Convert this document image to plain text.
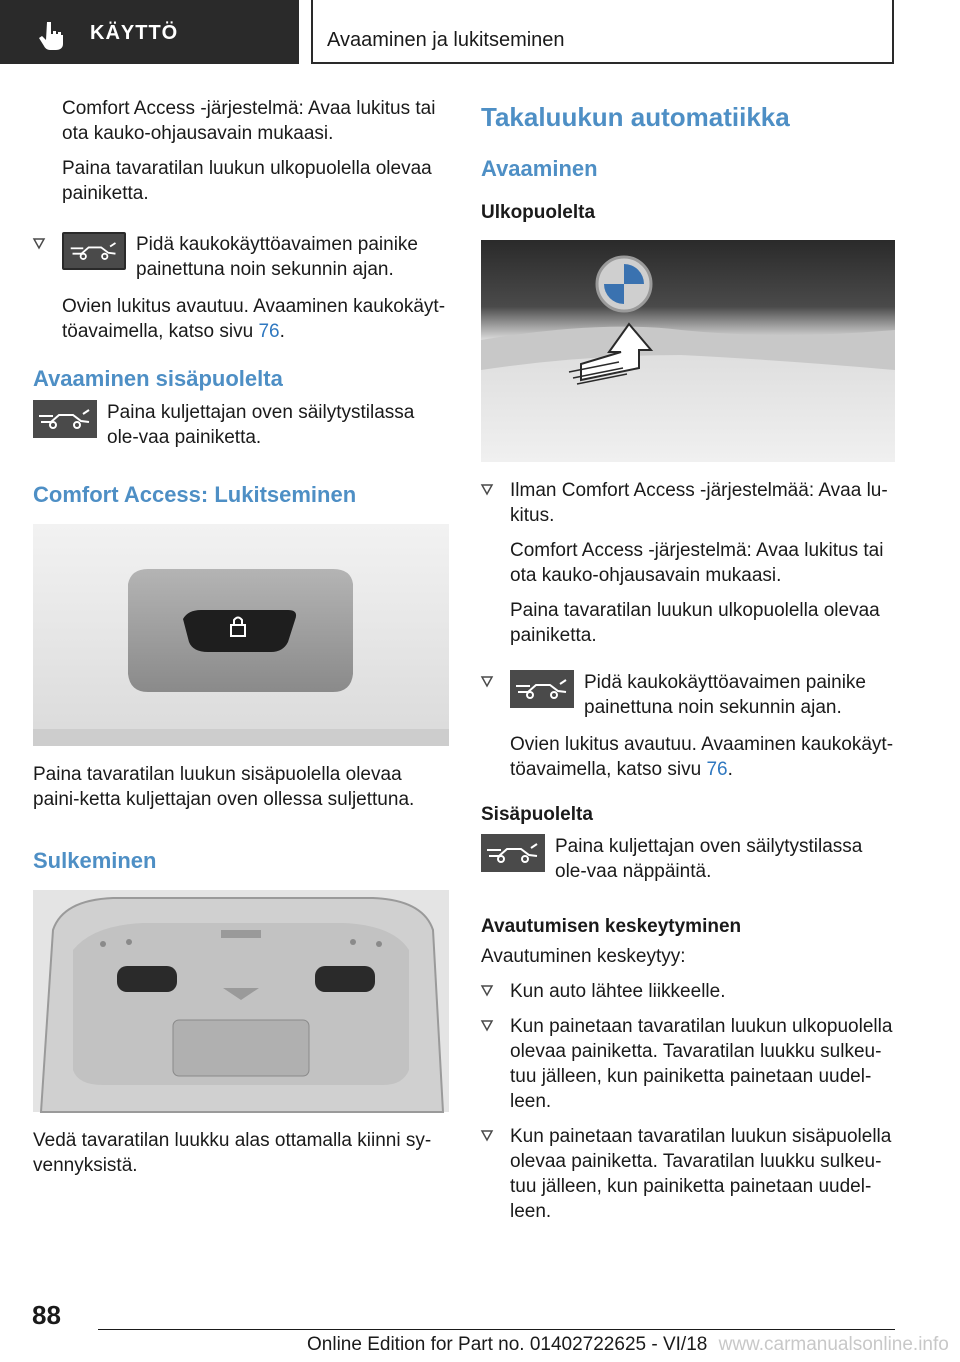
KÄYTTÖ	Avaaminen ja lukitseminen

Comfort Access -järjestelmä: Avaa lukitus tai ota kauko-ohjausavain mukaasi.

Paina tavaratilan luukun ulkopuolella olevaa painiketta.

Pidä kaukokäyttöavaimen painike painettuna noin sekunnin ajan.

Ovien lukitus avautuu. Avaaminen kaukokäyt-töavaimella, katso sivu 76.

Avaaminen sisäpuolelta

Paina kuljettajan oven säilytystilassa ole-vaa painiketta.

Comfort Access: Lukitseminen

Paina tavaratilan luukun sisäpuolella olevaa paini-ketta kuljettajan oven ollessa suljettuna.

Sulkeminen

Vedä tavaratilan luukku alas ottamalla kiinni sy-vennyksistä.

Takaluukun automatiikka
Avaaminen
Ulkopuolelta

Ilman Comfort Access -järjestelmää: Avaa lu-kitus.

Comfort Access -järjestelmä: Avaa lukitus tai ota kauko-ohjausavain mukaasi.

Paina tavaratilan luukun ulkopuolella olevaa painiketta.

Pidä kaukokäyttöavaimen painike painettuna noin sekunnin ajan.

Ovien lukitus avautuu. Avaaminen kaukokäyt-töavaimella, katso sivu 76.

Sisäpuolelta

Paina kuljettajan oven säilytystilassa ole-vaa näppäintä.

Avautumisen keskeytyminen

Avautuminen keskeytyy:

Kun auto lähtee liikkeelle.

Kun painetaan tavaratilan luukun ulkopuolella olevaa painiketta. Tavaratilan luukku sulkeu-tuu jälleen, kun painiketta painetaan uudel-leen.

Kun painetaan tavaratilan luukun sisäpuolella olevaa painiketta. Tavaratilan luukku sulkeu-tuu jälleen, kun painiketta painetaan uudel-leen.

88
Online Edition for Part no. 01402722625 - VI/18 www.carmanualsonline.info
